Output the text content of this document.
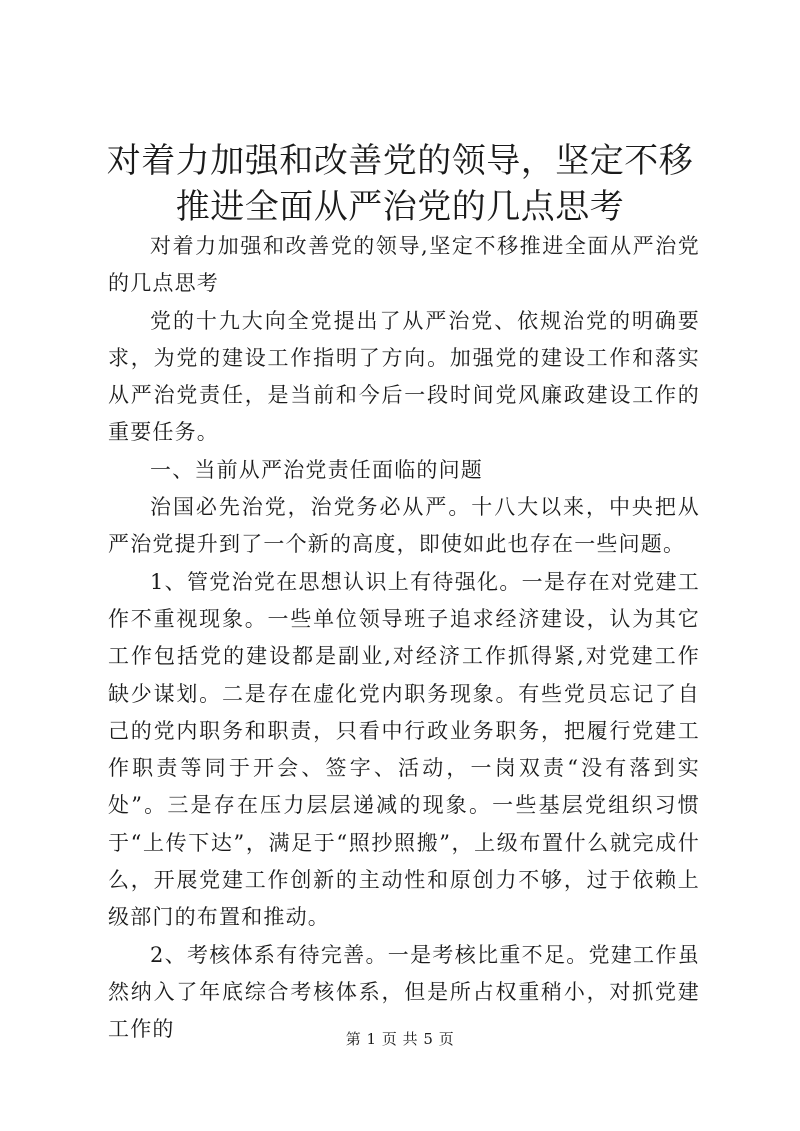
对着力加强和改善党的领导，坚定不移推进全面从严治党的几点思考

对着力加强和改善党的领导,坚定不移推进全面从严治党的几点思考

党的十九大向全党提出了从严治党、依规治党的明确要求，为党的建设工作指明了方向。加强党的建设工作和落实从严治党责任，是当前和今后一段时间党风廉政建设工作的重要任务。

一、当前从严治党责任面临的问题

治国必先治党，治党务必从严。十八大以来，中央把从严治党提升到了一个新的高度，即使如此也存在一些问题。

1、管党治党在思想认识上有待强化。一是存在对党建工作不重视现象。一些单位领导班子追求经济建设，认为其它工作包括党的建设都是副业,对经济工作抓得紧,对党建工作缺少谋划。二是存在虚化党内职务现象。有些党员忘记了自己的党内职务和职责，只看中行政业务职务，把履行党建工作职责等同于开会、签字、活动，一岗双责“没有落到实处”。三是存在压力层层递减的现象。一些基层党组织习惯于“上传下达”，满足于“照抄照搬”，上级布置什么就完成什么，开展党建工作创新的主动性和原创力不够，过于依赖上级部门的布置和推动。

2、考核体系有待完善。一是考核比重不足。党建工作虽然纳入了年底综合考核体系，但是所占权重稍小，对抓党建工作的	第 1 页 共 5 页
